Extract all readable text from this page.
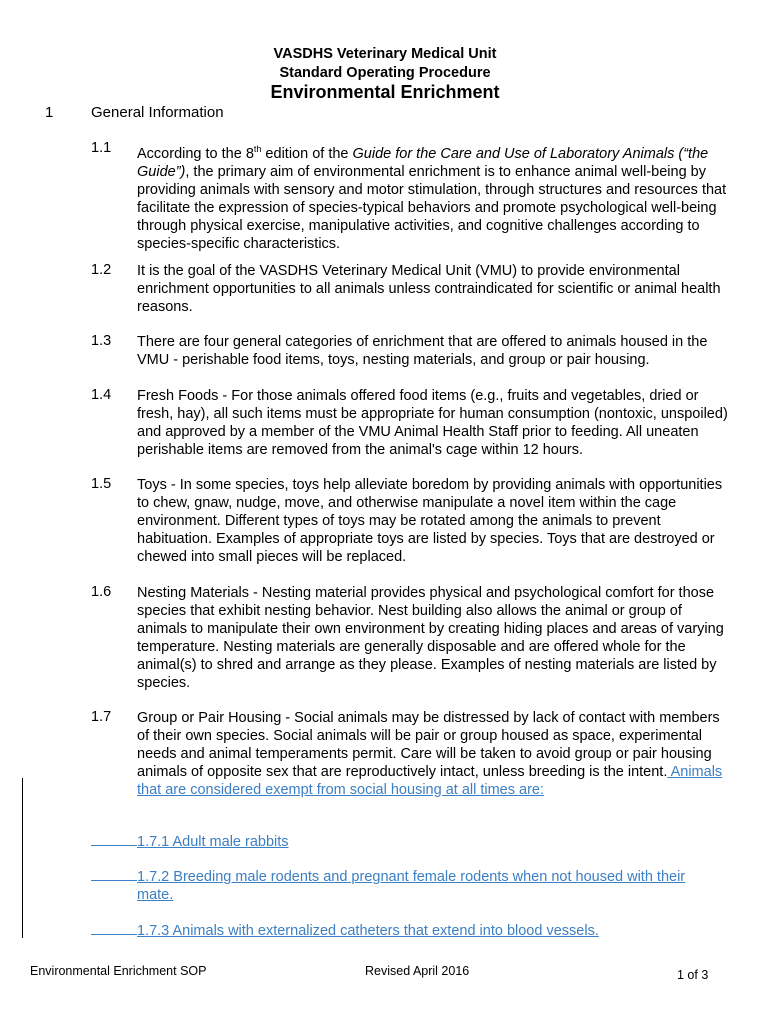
VASDHS Veterinary Medical Unit
Standard Operating Procedure
Environmental Enrichment
1	General Information
1.1 According to the 8th edition of the Guide for the Care and Use of Laboratory Animals (“the Guide”), the primary aim of environmental enrichment is to enhance animal well-being by providing animals with sensory and motor stimulation, through structures and resources that facilitate the expression of species-typical behaviors and promote psychological well-being through physical exercise, manipulative activities, and cognitive challenges according to species-specific characteristics.
1.2 It is the goal of the VASDHS Veterinary Medical Unit (VMU) to provide environmental enrichment opportunities to all animals unless contraindicated for scientific or animal health reasons.
1.3 There are four general categories of enrichment that are offered to animals housed in the VMU - perishable food items, toys, nesting materials, and group or pair housing.
1.4 Fresh Foods - For those animals offered food items (e.g., fruits and vegetables, dried or fresh, hay), all such items must be appropriate for human consumption (nontoxic, unspoiled) and approved by a member of the VMU Animal Health Staff prior to feeding. All uneaten perishable items are removed from the animal's cage within 12 hours.
1.5 Toys - In some species, toys help alleviate boredom by providing animals with opportunities to chew, gnaw, nudge, move, and otherwise manipulate a novel item within the cage environment. Different types of toys may be rotated among the animals to prevent habituation. Examples of appropriate toys are listed by species. Toys that are destroyed or chewed into small pieces will be replaced.
1.6 Nesting Materials - Nesting material provides physical and psychological comfort for those species that exhibit nesting behavior. Nest building also allows the animal or group of animals to manipulate their own environment by creating hiding places and areas of varying temperature. Nesting materials are generally disposable and are offered whole for the animal(s) to shred and arrange as they please. Examples of nesting materials are listed by species.
1.7 Group or Pair Housing - Social animals may be distressed by lack of contact with members of their own species. Social animals will be pair or group housed as space, experimental needs and animal temperaments permit. Care will be taken to avoid group or pair housing animals of opposite sex that are reproductively intact, unless breeding is the intent. Animals that are considered exempt from social housing at all times are:
1.7.1 Adult male rabbits
1.7.2 Breeding male rodents and pregnant female rodents when not housed with their
mate.
1.7.3 Animals with externalized catheters that extend into blood vessels.
Environmental Enrichment SOP	Revised April 2016	1 of 3
